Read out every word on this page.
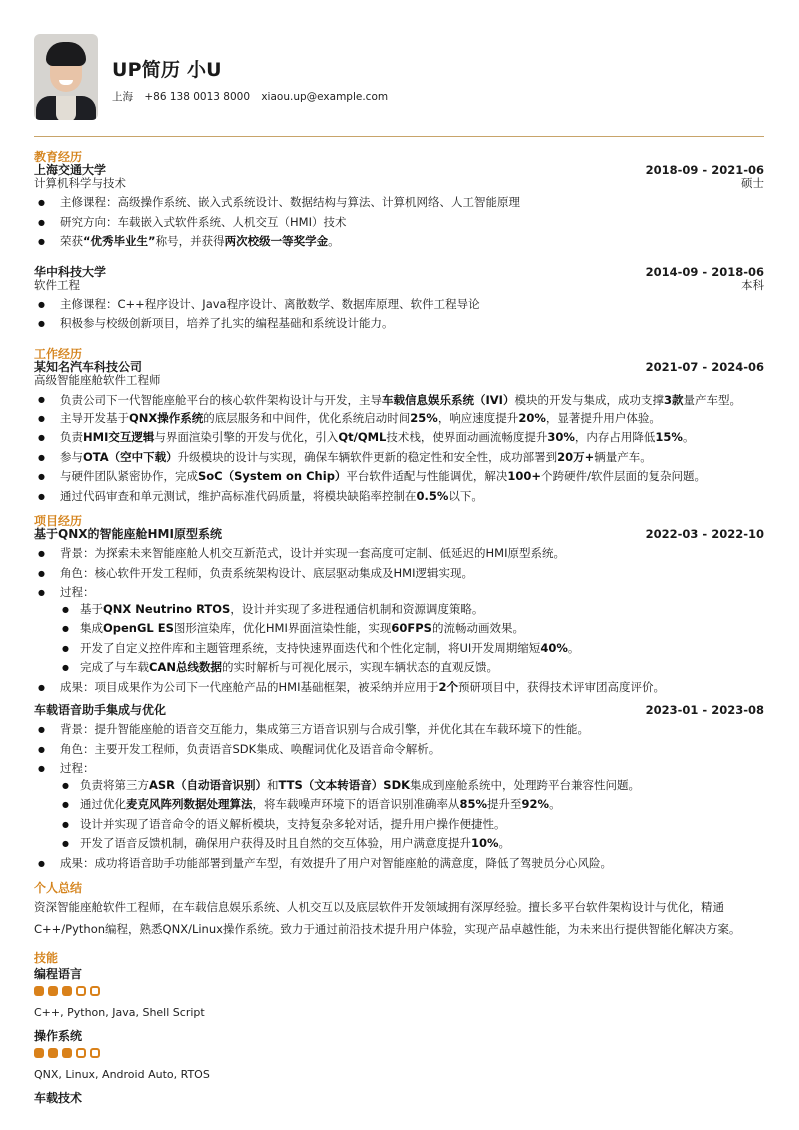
UP简历 小U
上海 +86 138 0013 8000 xiaou.up@example.com
教育经历
上海交通大学	2018-09 - 2021-06
计算机科学与技术	硕士
● 主修课程：高级操作系统、嵌入式系统设计、数据结构与算法、计算机网络、人工智能原理
● 研究方向：车载嵌入式软件系统、人机交互（HMI）技术
● 荣获“优秀毕业生”称号，并获得两次校级一等奖学金。
华中科技大学	2014-09 - 2018-06
软件工程	本科
● 主修课程：C++程序设计、Java程序设计、离散数学、数据库原理、软件工程导论
● 积极参与校级创新项目，培养了扎实的编程基础和系统设计能力。
工作经历
某知名汽车科技公司	2021-07 - 2024-06
高级智能座舱软件工程师
● 负责公司下一代智能座舱平台的核心软件架构设计与开发，主导车载信息娱乐系统（IVI）模块的开发与集成，成功支撑3款量产车型。
● 主导开发基于QNX操作系统的底层服务和中间件，优化系统启动时间25%，响应速度提升20%，显著提升用户体验。
● 负责HMI交互逻辑与界面渲染引擎的开发与优化，引入Qt/QML技术栈，使界面动画流畅度提升30%，内存占用降低15%。
● 参与OTA（空中下载）升级模块的设计与实现，确保车辆软件更新的稳定性和安全性，成功部署到20万+辆量产车。
● 与硬件团队紧密协作，完成SoC（System on Chip）平台软件适配与性能调优，解决100+个跨硬件/软件层面的复杂问题。
● 通过代码审查和单元测试，维护高标准代码质量，将模块缺陷率控制在0.5%以下。
项目经历
基于QNX的智能座舱HMI原型系统	2022-03 - 2022-10
● 背景：为探索未来智能座舱人机交互新范式，设计并实现一套高度可定制、低延迟的HMI原型系统。
● 角色：核心软件开发工程师，负责系统架构设计、底层驱动集成及HMI逻辑实现。
● 过程：
● 基于QNX Neutrino RTOS，设计并实现了多进程通信机制和资源调度策略。
● 集成OpenGL ES图形渲染库，优化HMI界面渲染性能，实现60FPS的流畅动画效果。
● 开发了自定义控件库和主题管理系统，支持快速界面迭代和个性化定制，将UI开发周期缩短40%。
● 完成了与车载CAN总线数据的实时解析与可视化展示，实现车辆状态的直观反馈。
● 成果：项目成果作为公司下一代座舱产品的HMI基础框架，被采纳并应用于2个预研项目中，获得技术评审团高度评价。
车载语音助手集成与优化	2023-01 - 2023-08
● 背景：提升智能座舱的语音交互能力，集成第三方语音识别与合成引擎，并优化其在车载环境下的性能。
● 角色：主要开发工程师，负责语音SDK集成、唤醒词优化及语音命令解析。
● 过程：
● 负责将第三方ASR（自动语音识别）和TTS（文本转语音）SDK集成到座舱系统中，处理跨平台兼容性问题。
● 通过优化麦克风阵列数据处理算法，将车载噪声环境下的语音识别准确率从85%提升至92%。
● 设计并实现了语音命令的语义解析模块，支持复杂多轮对话，提升用户操作便捷性。
● 开发了语音反馈机制，确保用户获得及时且自然的交互体验，用户满意度提升10%。
● 成果：成功将语音助手功能部署到量产车型，有效提升了用户对智能座舱的满意度，降低了驾驶员分心风险。
个人总结
资深智能座舱软件工程师，在车载信息娱乐系统、人机交互以及底层软件开发领域拥有深厚经验。擅长多平台软件架构设计与优化，精通C++/Python编程，熟悉QNX/Linux操作系统。致力于通过前沿技术提升用户体验，实现产品卓越性能，为未来出行提供智能化解决方案。
技能
编程语言
C++, Python, Java, Shell Script
操作系统
QNX, Linux, Android Auto, RTOS
车载技术
